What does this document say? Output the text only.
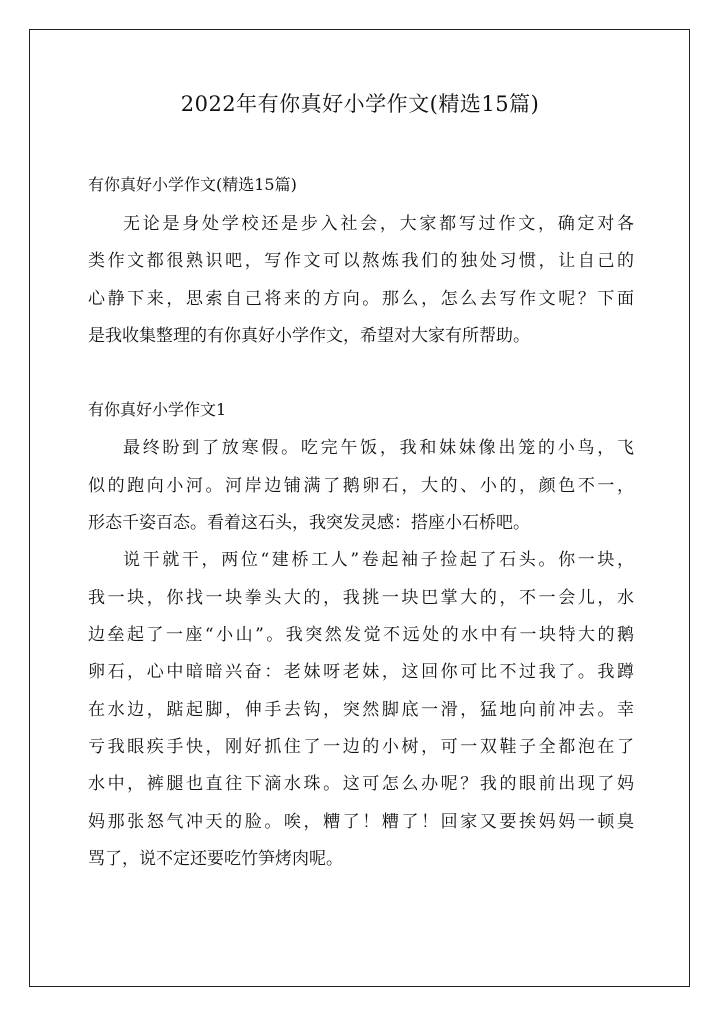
2022年有你真好小学作文(精选15篇)
有你真好小学作文(精选15篇)
无论是身处学校还是步入社会，大家都写过作文，确定对各
类作文都很熟识吧，写作文可以熬炼我们的独处习惯，让自己的
心静下来，思索自己将来的方向。那么，怎么去写作文呢？下面
是我收集整理的有你真好小学作文，希望对大家有所帮助。
有你真好小学作文1
最终盼到了放寒假。吃完午饭，我和妹妹像出笼的小鸟，飞
似的跑向小河。河岸边铺满了鹅卵石，大的、小的，颜色不一，
形态千姿百态。看着这石头，我突发灵感：搭座小石桥吧。
说干就干，两位“建桥工人”卷起袖子捡起了石头。你一块，
我一块，你找一块拳头大的，我挑一块巴掌大的，不一会儿，水
边垒起了一座“小山”。我突然发觉不远处的水中有一块特大的鹅
卵石，心中暗暗兴奋：老妹呀老妹，这回你可比不过我了。我蹲
在水边，踮起脚，伸手去钩，突然脚底一滑，猛地向前冲去。幸
亏我眼疾手快，刚好抓住了一边的小树，可一双鞋子全都泡在了
水中，裤腿也直往下滴水珠。这可怎么办呢？我的眼前出现了妈
妈那张怒气冲天的脸。唉，糟了！糟了！回家又要挨妈妈一顿臭
骂了，说不定还要吃竹笋烤肉呢。
